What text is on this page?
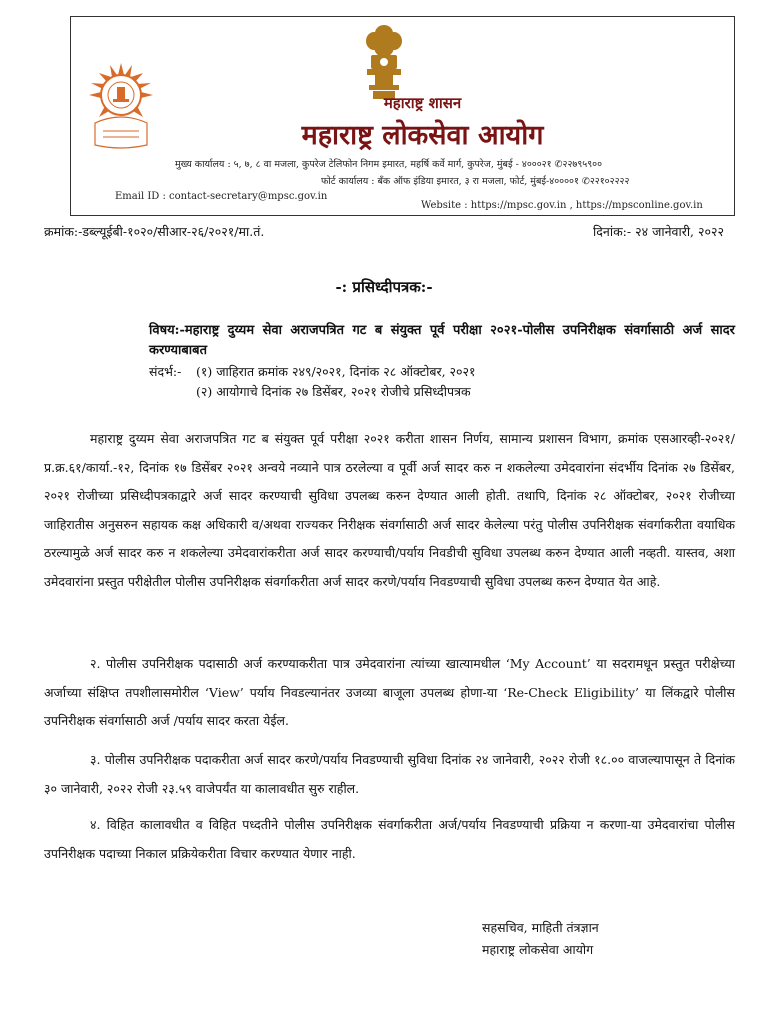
महाराष्ट्र शासन
महाराष्ट्र लोकसेवा आयोग
मुख्य कार्यालय : ५, ७, ८ वा मजला, कुपरेज टेलिफोन निगम इमारत, महर्षि कर्वे मार्ग, कुपरेज, मुंबई - ४०००२१ ✆२२७९५९००
फोर्ट कार्यालय : बँक ऑफ इंडिया इमारत, ३ रा मजला, फोर्ट, मुंबई-४००००१ ✆२२१०२२२२
Email ID : contact-secretary@mpsc.gov.in
Website : https://mpsc.gov.in , https://mpsconline.gov.in
क्रमांक:-डब्ल्यूईबी-१०२०/सीआर-२६/२०२१/मा.तं.	दिनांक:- २४ जानेवारी, २०२२
-: प्रसिध्दीपत्रक:-
विषय:-महाराष्ट्र दुय्यम सेवा अराजपत्रित गट ब संयुक्त पूर्व परीक्षा २०२१-पोलीस उपनिरीक्षक संवर्गासाठी अर्ज सादर करण्याबाबत
संदर्भ:- (१) जाहिरात क्रमांक २४९/२०२१, दिनांक २८ ऑक्टोबर, २०२१
(२) आयोगाचे दिनांक २७ डिसेंबर, २०२१ रोजीचे प्रसिध्दीपत्रक

महाराष्ट्र दुय्यम सेवा अराजपत्रित गट ब संयुक्त पूर्व परीक्षा २०२१ करीता शासन निर्णय, सामान्य प्रशासन विभाग, क्रमांक एसआरव्ही-२०२१/प्र.क्र.६१/कार्या.-१२, दिनांक १७ डिसेंबर २०२१ अन्वये नव्याने पात्र ठरलेल्या व पूर्वी अर्ज सादर करु न शकलेल्या उमेदवारांना संदर्भीय दिनांक २७ डिसेंबर, २०२१ रोजीच्या प्रसिध्दीपत्रकाद्वारे अर्ज सादर करण्याची सुविधा उपलब्ध करुन देण्यात आली होती. तथापि, दिनांक २८ ऑक्टोबर, २०२१ रोजीच्या जाहिरातीस अनुसरुन सहायक कक्ष अधिकारी व/अथवा राज्यकर निरीक्षक संवर्गासाठी अर्ज सादर केलेल्या परंतु पोलीस उपनिरीक्षक संवर्गाकरीता वयाधिक ठरल्यामुळे अर्ज सादर करु न शकलेल्या उमेदवारांकरीता अर्ज सादर करण्याची/पर्याय निवडीची सुविधा उपलब्ध करुन देण्यात आली नव्हती. यास्तव, अशा उमेदवारांना प्रस्तुत परीक्षेतील पोलीस उपनिरीक्षक संवर्गाकरीता अर्ज सादर करणे/पर्याय निवडण्याची सुविधा उपलब्ध करुन देण्यात येत आहे.

२. पोलीस उपनिरीक्षक पदासाठी अर्ज करण्याकरीता पात्र उमेदवारांना त्यांच्या खात्यामधील ‘My Account’ या सदरामधून प्रस्तुत परीक्षेच्या अर्जाच्या संक्षिप्त तपशीलासमोरील ‘View’ पर्याय निवडल्यानंतर उजव्या बाजूला उपलब्ध होणा-या ‘Re-Check Eligibility’ या लिंकद्वारे पोलीस उपनिरीक्षक संवर्गासाठी अर्ज /पर्याय सादर करता येईल.

३. पोलीस उपनिरीक्षक पदाकरीता अर्ज सादर करणे/पर्याय निवडण्याची सुविधा दिनांक २४ जानेवारी, २०२२ रोजी १८.०० वाजल्यापासून ते दिनांक ३० जानेवारी, २०२२ रोजी २३.५९ वाजेपर्यंत या कालावधीत सुरु राहील.

४. विहित कालावधीत व विहित पध्दतीने पोलीस उपनिरीक्षक संवर्गाकरीता अर्ज/पर्याय निवडण्याची प्रक्रिया न करणा-या उमेदवारांचा पोलीस उपनिरीक्षक पदाच्या निकाल प्रक्रियेकरीता विचार करण्यात येणार नाही.

सहसचिव, माहिती तंत्रज्ञान
महाराष्ट्र लोकसेवा आयोग
